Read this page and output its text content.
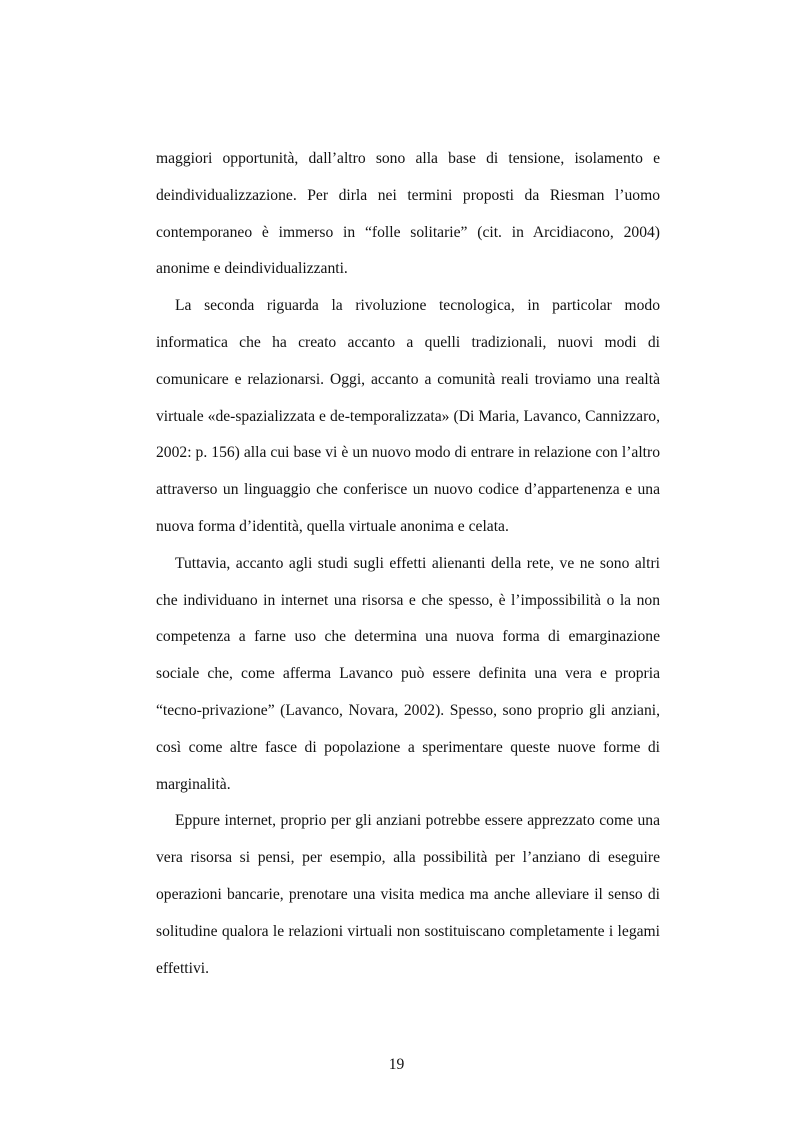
maggiori opportunità, dall’altro sono alla base di tensione, isolamento e deindividualizzazione. Per dirla nei termini proposti da Riesman l’uomo contemporaneo è immerso in “folle solitarie” (cit. in Arcidiacono, 2004) anonime e deindividualizzanti.

La seconda riguarda la rivoluzione tecnologica, in particolar modo informatica che ha creato accanto a quelli tradizionali, nuovi modi di comunicare e relazionarsi. Oggi, accanto a comunità reali troviamo una realtà virtuale «de-spazializzata e de-temporalizzata» (Di Maria, Lavanco, Cannizzaro, 2002: p. 156) alla cui base vi è un nuovo modo di entrare in relazione con l’altro attraverso un linguaggio che conferisce un nuovo codice d’appartenenza e una nuova forma d’identità, quella virtuale anonima e celata.

Tuttavia, accanto agli studi sugli effetti alienanti della rete, ve ne sono altri che individuano in internet una risorsa e che spesso, è l’impossibilità o la non competenza a farne uso che determina una nuova forma di emarginazione sociale che, come afferma Lavanco può essere definita una vera e propria “tecno-privazione” (Lavanco, Novara, 2002). Spesso, sono proprio gli anziani, così come altre fasce di popolazione a sperimentare queste nuove forme di marginalità.

Eppure internet, proprio per gli anziani potrebbe essere apprezzato come una vera risorsa si pensi, per esempio, alla possibilità per l’anziano di eseguire operazioni bancarie, prenotare una visita medica ma anche alleviare il senso di solitudine qualora le relazioni virtuali non sostituiscano completamente i legami effettivi.

19
